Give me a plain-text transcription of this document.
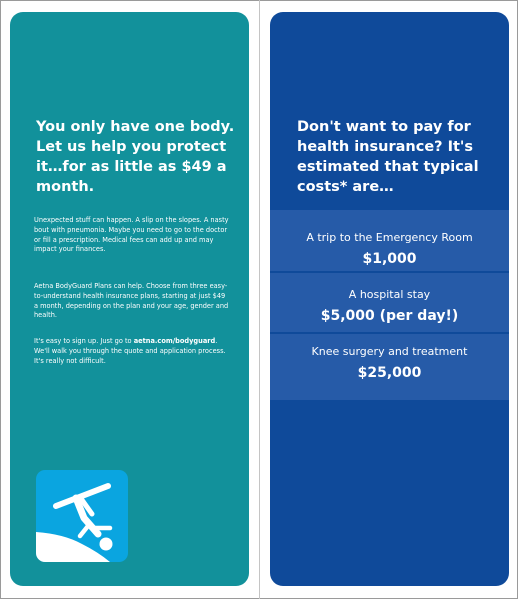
You only have one body. Let us help you protect it…for as little as $49 a month.

Unexpected stuff can happen. A slip on the slopes. A nasty bout with pneumonia. Maybe you need to go to the doctor or fill a prescription. Medical fees can add up and may impact your finances.

Aetna BodyGuard Plans can help. Choose from three easy-to-understand health insurance plans, starting at just $49 a month, depending on the plan and your age, gender and health.

It's easy to sign up. Just go to aetna.com/bodyguard. We'll walk you through the quote and application process. It's really not difficult.

Don't want to pay for health insurance? It's estimated that typical costs* are…
A trip to the Emergency Room
$1,000
A hospital stay
$5,000 (per day!)
Knee surgery and treatment
$25,000
